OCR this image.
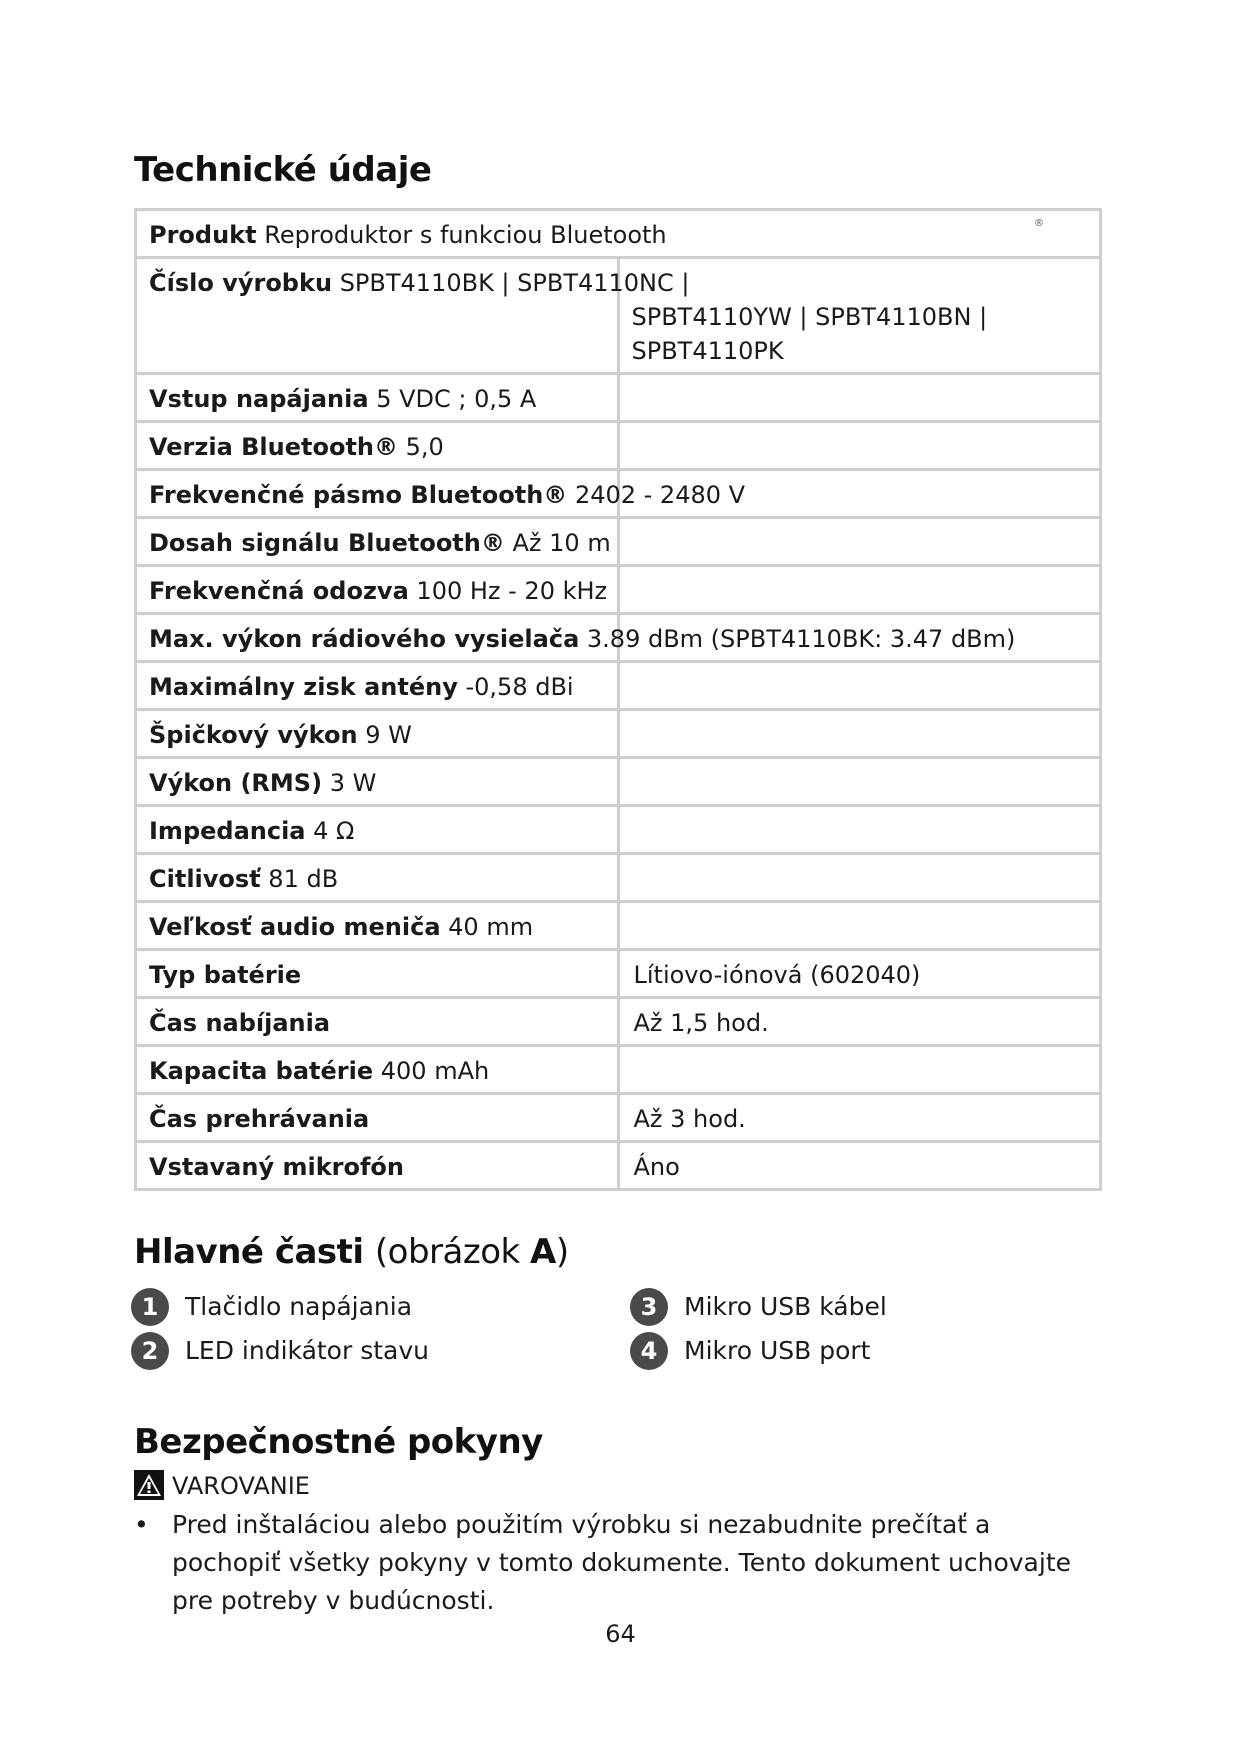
Technické údaje
®
Produkt Reproduktor s funkciou Bluetooth	
Číslo výrobku SPBT4110BK | SPBT4110NC |	SPBT4110YW | SPBT4110BN |
SPBT4110PK

Vstup napájania 5 VDC ; 0,5 A	
Verzia Bluetooth® 5,0	
Frekvenčné pásmo Bluetooth® 2402 - 2480 V	
Dosah signálu Bluetooth® Až 10 m	
Frekvenčná odozva 100 Hz - 20 kHz	
Max. výkon rádiového vysielača 3.89 dBm (SPBT4110BK: 3.47 dBm)	
Maximálny zisk antény -0,58 dBi	
Špičkový výkon 9 W	
Výkon (RMS) 3 W	
Impedancia 4 Ω	
Citlivosť 81 dB	
Veľkosť audio meniča 40 mm	
Typ batérie	Lítiovo-iónová (602040)
Čas nabíjania	Až 1,5 hod.
Kapacita batérie 400 mAh	
Čas prehrávania	Až 3 hod.
Vstavaný mikrofón	Áno
Hlavné časti (obrázok A)
1	Tlačidlo napájania
2	LED indikátor stavu
3	Mikro USB kábel
4	Mikro USB port
Bezpečnostné pokyny
VAROVANIE
• Pred inštaláciou alebo použitím výrobku si nezabudnite prečítať a pochopiť všetky pokyny v tomto dokumente. Tento dokument uchovajte pre potreby v budúcnosti.
64
